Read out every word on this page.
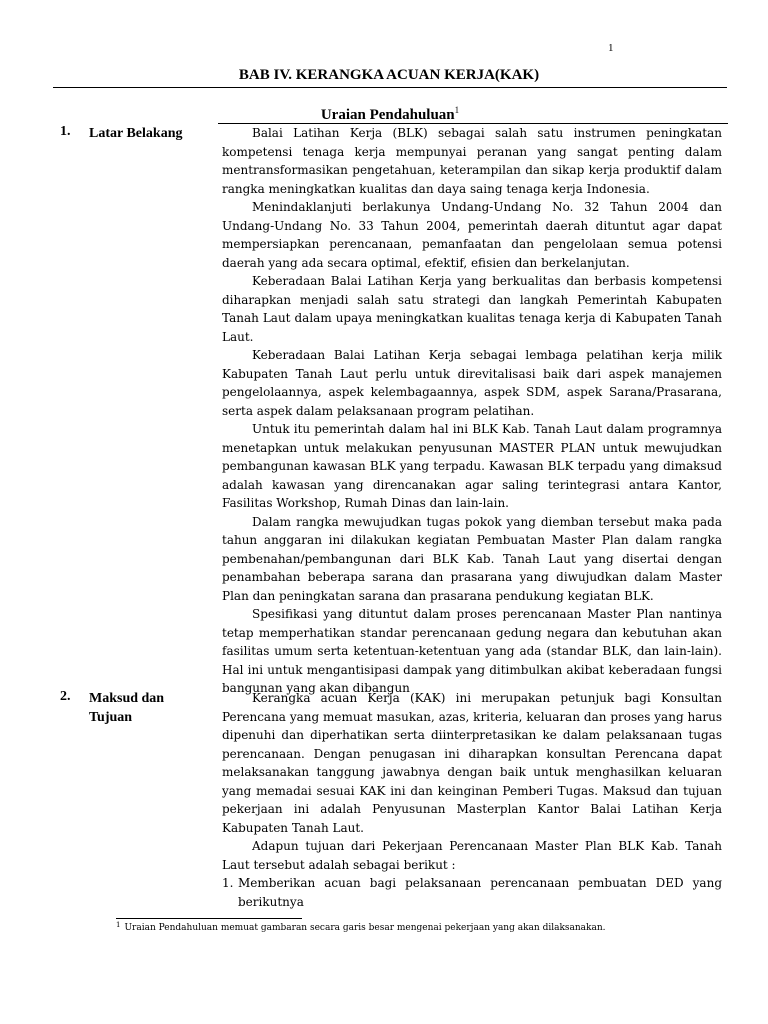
1
BAB IV. KERANGKA ACUAN KERJA(KAK)
Uraian Pendahuluan$^1$
1. Latar Belakang	Balai Latihan Kerja (BLK) sebagai salah satu instrumen peningkatan kompetensi tenaga kerja mempunyai peranan yang sangat penting dalam mentransformasikan pengetahuan, keterampilan dan sikap kerja produktif dalam rangka meningkatkan kualitas dan daya saing tenaga kerja Indonesia.

Menindaklanjuti berlakunya Undang-Undang No. 32 Tahun 2004 dan Undang-Undang No. 33 Tahun 2004, pemerintah daerah dituntut agar dapat mempersiapkan perencanaan, pemanfaatan dan pengelolaan semua potensi daerah yang ada secara optimal, efektif, efisien dan berkelanjutan.

Keberadaan Balai Latihan Kerja yang berkualitas dan berbasis kompetensi diharapkan menjadi salah satu strategi dan langkah Pemerintah Kabupaten Tanah Laut dalam upaya meningkatkan kualitas tenaga kerja di Kabupaten Tanah Laut.

Keberadaan Balai Latihan Kerja sebagai lembaga pelatihan kerja milik Kabupaten Tanah Laut perlu untuk direvitalisasi baik dari aspek manajemen pengelolaannya, aspek kelembagaannya, aspek SDM, aspek Sarana/Prasarana, serta aspek dalam pelaksanaan program pelatihan.

Untuk itu pemerintah dalam hal ini BLK Kab. Tanah Laut dalam programnya menetapkan untuk melakukan penyusunan MASTER PLAN untuk mewujudkan pembangunan kawasan BLK yang terpadu. Kawasan BLK terpadu yang dimaksud adalah kawasan yang direncanakan agar saling terintegrasi antara Kantor, Fasilitas Workshop, Rumah Dinas dan lain-lain.

Dalam rangka mewujudkan tugas pokok yang diemban tersebut maka pada tahun anggaran ini dilakukan kegiatan Pembuatan Master Plan dalam rangka pembenahan/pembangunan dari BLK Kab. Tanah Laut yang disertai dengan penambahan beberapa sarana dan prasarana yang diwujudkan dalam Master Plan dan peningkatan sarana dan prasarana pendukung kegiatan BLK.

Spesifikasi yang dituntut dalam proses perencanaan Master Plan nantinya tetap memperhatikan standar perencanaan gedung negara dan kebutuhan akan fasilitas umum serta ketentuan-ketentuan yang ada (standar BLK, dan lain-lain). Hal ini untuk mengantisipasi dampak yang ditimbulkan akibat keberadaan fungsi bangunan yang akan dibangun

2. Maksud dan Tujuan

Kerangka acuan Kerja (KAK) ini merupakan petunjuk bagi Konsultan Perencana yang memuat masukan, azas, kriteria, keluaran dan proses yang harus dipenuhi dan diperhatikan serta diinterpretasikan ke dalam pelaksanaan tugas perencanaan. Dengan penugasan ini diharapkan konsultan Perencana dapat melaksanakan tanggung jawabnya dengan baik untuk menghasilkan keluaran yang memadai sesuai KAK ini dan keinginan Pemberi Tugas. Maksud dan tujuan pekerjaan ini adalah Penyusunan Masterplan Kantor Balai Latihan Kerja Kabupaten Tanah Laut.

Adapun tujuan dari Pekerjaan Perencanaan Master Plan BLK Kab. Tanah Laut tersebut adalah sebagai berikut :

1. Memberikan acuan bagi pelaksanaan perencanaan pembuatan DED yang berikutnya
$^1$ Uraian Pendahuluan memuat gambaran secara garis besar mengenai pekerjaan yang akan dilaksanakan.
